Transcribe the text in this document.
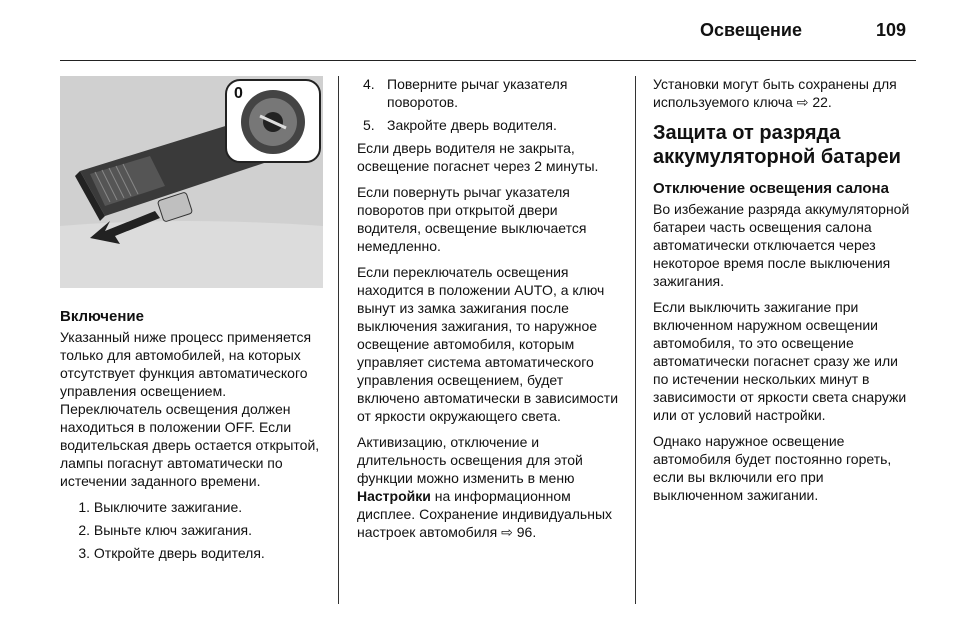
Освещение	109
0
Включение

Указанный ниже процесс применяется только для автомобилей, на которых отсутствует функция автоматического управления освещением. Переключатель освещения должен находиться в положении OFF. Если водительская дверь остается открытой, лампы погаснут автоматически по истечении заданного времени.

1.
Выключите зажигание.
2.
Выньте ключ зажигания.
3.
Откройте дверь водителя.
4. Поверните рычаг указателя поворотов.
5. Закройте дверь водителя.

Если дверь водителя не закрыта, освещение погаснет через 2 минуты.

Если повернуть рычаг указателя поворотов при открытой двери водителя, освещение выключается немедленно.

Если переключатель освещения находится в положении AUTO, а ключ вынут из замка зажигания после выключения зажигания, то наружное освещение автомобиля, которым управляет система автоматического управления освещением, будет включено автоматически в зависимости от яркости окружающего света.

Активизацию, отключение и длительность освещения для этой функции можно изменить в меню Настройки на информационном дисплее. Сохранение индивидуальных настроек автомобиля ⇨ 96.

Установки могут быть сохранены для используемого ключа ⇨ 22.

Защита от разряда аккумуляторной батареи
Отключение освещения салона

Во избежание разряда аккумуляторной батареи часть освещения салона автоматически отключается через некоторое время после выключения зажигания.

Если выключить зажигание при включенном наружном освещении автомобиля, то это освещение автоматически погаснет сразу же или по истечении нескольких минут в зависимости от яркости света снаружи или от условий настройки.

Однако наружное освещение автомобиля будет постоянно гореть, если вы включили его при выключенном зажигании.
